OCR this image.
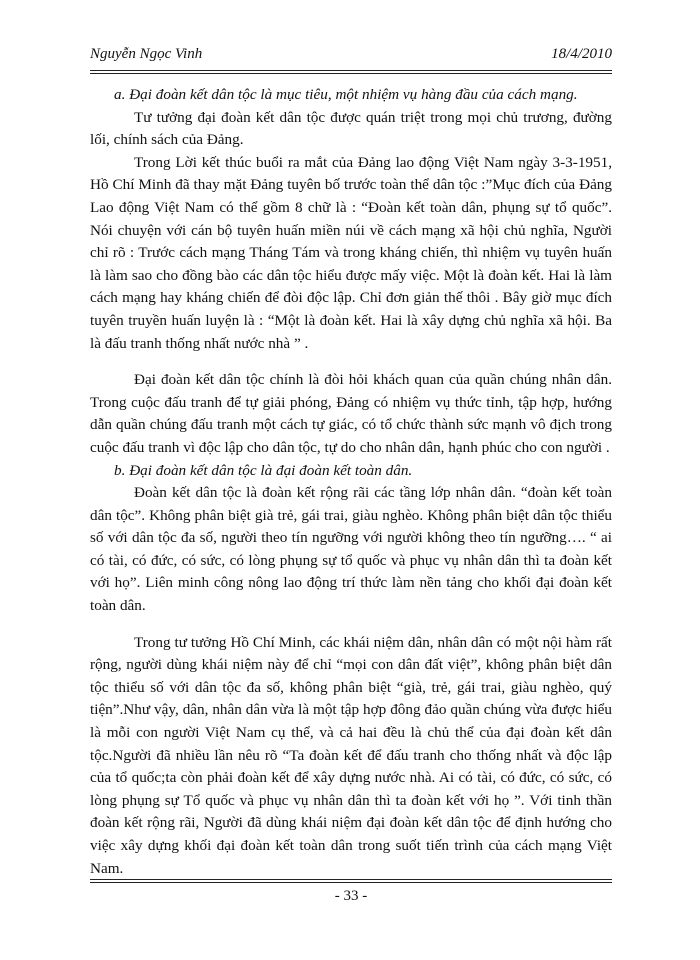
Nguyễn Ngọc Vinh	18/4/2010

a. Đại đoàn kết dân tộc là mục tiêu, một nhiệm vụ hàng đầu của cách mạng.

Tư tưởng đại đoàn kết dân tộc được quán triệt trong mọi chủ trương, đường lối, chính sách của Đảng.

Trong Lời kết thúc buổi ra mắt của Đảng lao động Việt Nam ngày 3-3-1951, Hồ Chí Minh đã thay mặt Đảng tuyên bố trước toàn thể dân tộc :”Mục đích của Đảng Lao động Việt Nam có thể gồm 8 chữ là : “Đoàn kết toàn dân, phụng sự tổ quốc”. Nói chuyện với cán bộ tuyên huấn miền núi về cách mạng xã hội chủ nghĩa, Người chỉ rõ : Trước cách mạng Tháng Tám và trong kháng chiến, thì nhiệm vụ tuyên huấn là làm sao cho đồng bào các dân tộc hiểu được mấy việc. Một là đoàn kết. Hai là làm cách mạng hay kháng chiến để đòi độc lập. Chỉ đơn giản thế thôi . Bây giờ mục đích tuyên truyền huấn luyện là : “Một là đoàn kết. Hai là xây dựng chủ nghĩa xã hội. Ba là đấu tranh thống nhất nước nhà ” .

Đại đoàn kết dân tộc chính là đòi hỏi khách quan của quần chúng nhân dân. Trong cuộc đấu tranh để tự giải phóng, Đảng có nhiệm vụ thức tỉnh, tập hợp, hướng dẫn quần chúng đấu tranh một cách tự giác, có tổ chức thành sức mạnh vô địch trong cuộc đấu tranh vì độc lập cho dân tộc, tự do cho nhân dân, hạnh phúc cho con người .

b. Đại đoàn kết dân tộc là đại đoàn kết toàn dân.

Đoàn kết dân tộc là đoàn kết rộng rãi các tầng lớp nhân dân. “đoàn kết toàn dân tộc”. Không phân biệt già trẻ, gái trai, giàu nghèo. Không phân biệt dân tộc thiểu số với dân tộc đa số, người theo tín ngưỡng với người không theo tín ngưỡng…. “ ai có tài, có đức, có sức, có lòng phụng sự tổ quốc và phục vụ nhân dân thì ta đoàn kết với họ”. Liên minh công nông lao động trí thức làm nền tảng cho khối đại đoàn kết toàn dân.

Trong tư tưởng Hồ Chí Minh, các khái niệm dân, nhân dân có một nội hàm rất rộng, người dùng khái niệm này để chỉ “mọi con dân đất việt”, không phân biệt dân tộc thiểu số với dân tộc đa số, không phân biệt “già, trẻ, gái trai, giàu nghèo, quý tiện”.Như vậy, dân, nhân dân vừa là một tập hợp đông đảo quần chúng vừa được hiểu là mỗi con người Việt Nam cụ thể, và cả hai đều là chủ thể của đại đoàn kết dân tộc.Người đã nhiều lần nêu rõ “Ta đoàn kết để đấu tranh cho thống nhất và độc lập của tổ quốc;ta còn phải đoàn kết để xây dựng nước nhà. Ai có tài, có đức, có sức, có lòng phụng sự Tổ quốc và phục vụ nhân dân thì ta đoàn kết với họ ”. Với tinh thần đoàn kết rộng rãi, Người đã dùng khái niệm đại đoàn kết dân tộc để định hướng cho việc xây dựng khối đại đoàn kết toàn dân trong suốt tiến trình của cách mạng Việt Nam.

- 33 -
